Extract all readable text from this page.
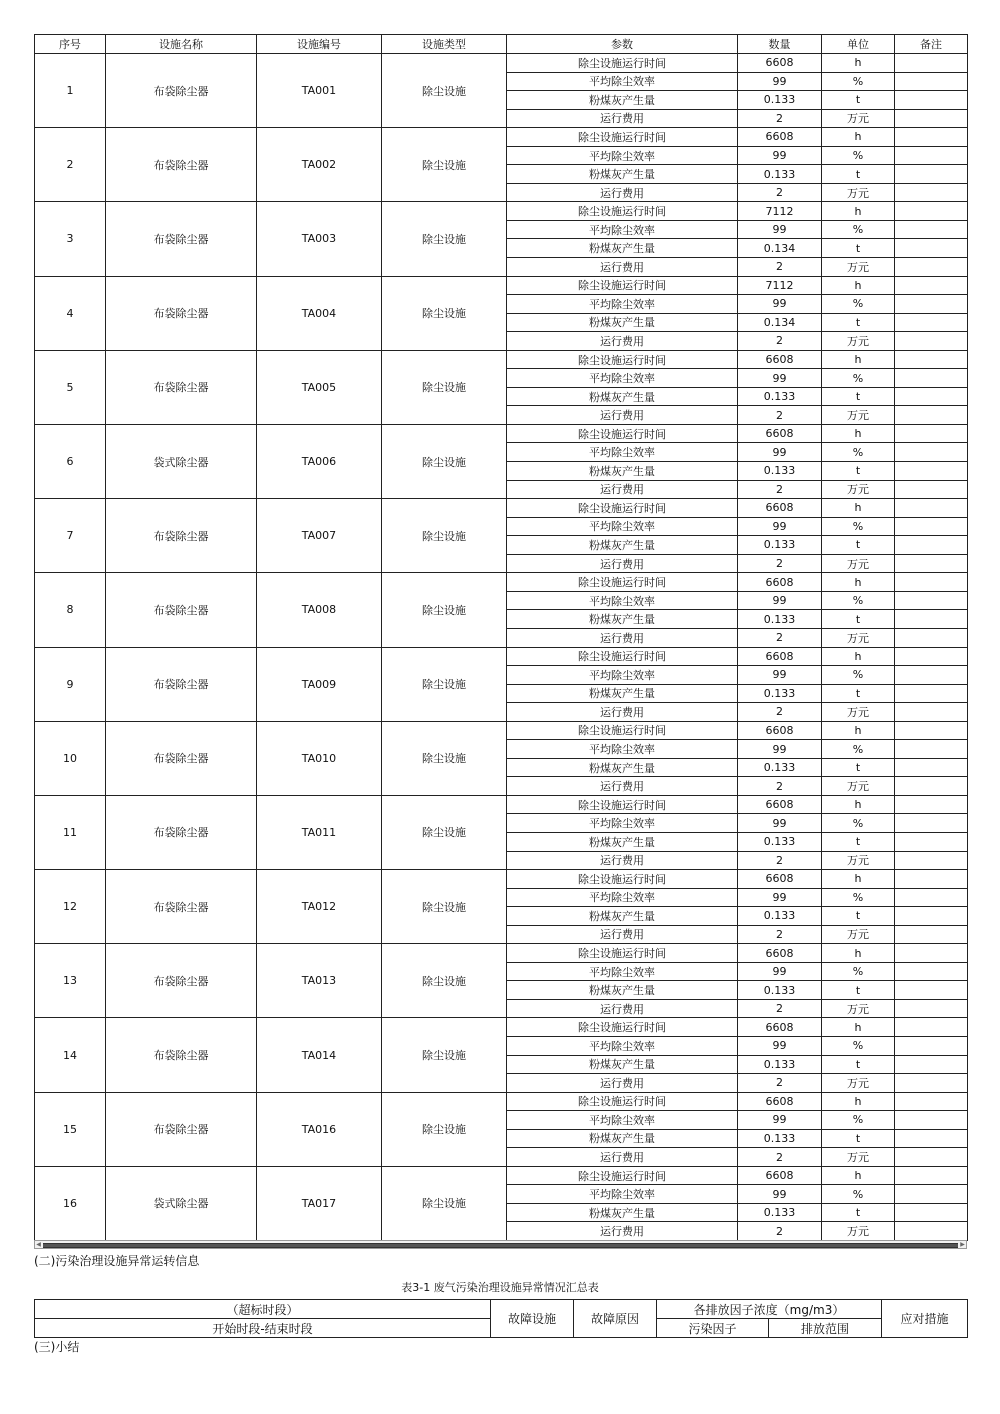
序号	设施名称	设施编号	设施类型	参数	数量	单位	备注
1	布袋除尘器	TA001	除尘设施	除尘设施运行时间	6608	h	
				平均除尘效率	99	%	
				粉煤灰产生量	0.133	t	
				运行费用	2	万元	
2	布袋除尘器	TA002	除尘设施	除尘设施运行时间	6608	h	
				平均除尘效率	99	%	
				粉煤灰产生量	0.133	t	
				运行费用	2	万元	
3	布袋除尘器	TA003	除尘设施	除尘设施运行时间	7112	h	
				平均除尘效率	99	%	
				粉煤灰产生量	0.134	t	
				运行费用	2	万元	
4	布袋除尘器	TA004	除尘设施	除尘设施运行时间	7112	h	
				平均除尘效率	99	%	
				粉煤灰产生量	0.134	t	
				运行费用	2	万元	
5	布袋除尘器	TA005	除尘设施	除尘设施运行时间	6608	h	
				平均除尘效率	99	%	
				粉煤灰产生量	0.133	t	
				运行费用	2	万元	
6	袋式除尘器	TA006	除尘设施	除尘设施运行时间	6608	h	
				平均除尘效率	99	%	
				粉煤灰产生量	0.133	t	
				运行费用	2	万元	
7	布袋除尘器	TA007	除尘设施	除尘设施运行时间	6608	h	
				平均除尘效率	99	%	
				粉煤灰产生量	0.133	t	
				运行费用	2	万元	
8	布袋除尘器	TA008	除尘设施	除尘设施运行时间	6608	h	
				平均除尘效率	99	%	
				粉煤灰产生量	0.133	t	
				运行费用	2	万元	
9	布袋除尘器	TA009	除尘设施	除尘设施运行时间	6608	h	
				平均除尘效率	99	%	
				粉煤灰产生量	0.133	t	
				运行费用	2	万元	
10	布袋除尘器	TA010	除尘设施	除尘设施运行时间	6608	h	
				平均除尘效率	99	%	
				粉煤灰产生量	0.133	t	
				运行费用	2	万元	
11	布袋除尘器	TA011	除尘设施	除尘设施运行时间	6608	h	
				平均除尘效率	99	%	
				粉煤灰产生量	0.133	t	
				运行费用	2	万元	
12	布袋除尘器	TA012	除尘设施	除尘设施运行时间	6608	h	
				平均除尘效率	99	%	
				粉煤灰产生量	0.133	t	
				运行费用	2	万元	
13	布袋除尘器	TA013	除尘设施	除尘设施运行时间	6608	h	
				平均除尘效率	99	%	
				粉煤灰产生量	0.133	t	
				运行费用	2	万元	
14	布袋除尘器	TA014	除尘设施	除尘设施运行时间	6608	h	
				平均除尘效率	99	%	
				粉煤灰产生量	0.133	t	
				运行费用	2	万元	
15	布袋除尘器	TA016	除尘设施	除尘设施运行时间	6608	h	
				平均除尘效率	99	%	
				粉煤灰产生量	0.133	t	
				运行费用	2	万元	
16	袋式除尘器	TA017	除尘设施	除尘设施运行时间	6608	h	
				平均除尘效率	99	%	
				粉煤灰产生量	0.133	t	
				运行费用	2	万元	
◀	▶
(二)污染治理设施异常运转信息
表3-1 废气污染治理设施异常情况汇总表
（超标时段）	故障设施	故障原因	各排放因子浓度（mg/m3）		应对措施
开始时段-结束时段			污染因子	排放范围	
(三)小结
